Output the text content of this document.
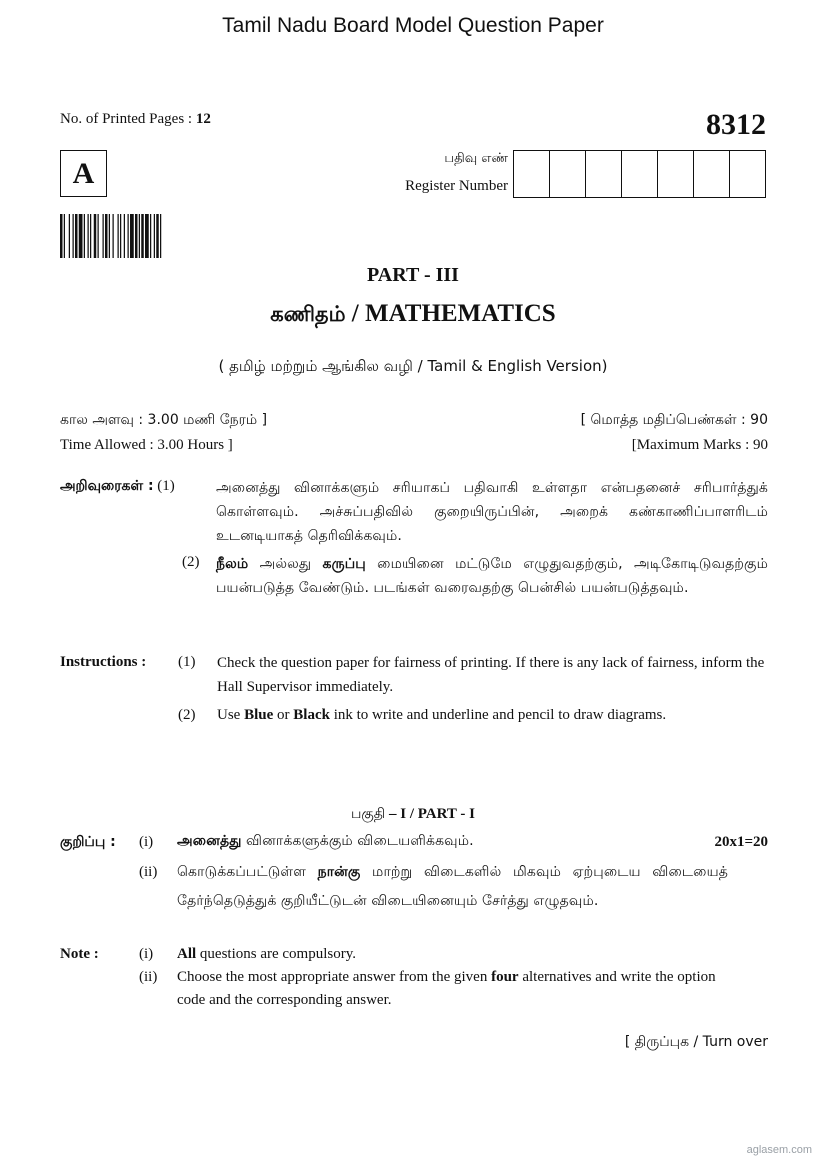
Tamil Nadu Board Model Question Paper
No. of Printed Pages : 12	8312
A	பதிவு எண்
Register Number
PART - III
கணிதம் / MATHEMATICS
( தமிழ் மற்றும் ஆங்கில வழி / Tamil & English Version)
கால அளவு : 3.00 மணி நேரம் ]	[ மொத்த மதிப்பெண்கள் : 90
Time Allowed : 3.00 Hours ]	[Maximum Marks : 90
அறிவுரைகள் : (1)	அனைத்து வினாக்களும் சரியாகப் பதிவாகி உள்ளதா என்பதனைச் சரிபார்த்துக் கொள்ளவும். அச்சுப்பதிவில் குறையிருப்பின், அறைக் கண்காணிப்பாளரிடம் உடனடியாகத் தெரிவிக்கவும்.
(2) நீலம் அல்லது கருப்பு மையினை மட்டுமே எழுதுவதற்கும், அடிகோடிடுவதற்கும் பயன்படுத்த வேண்டும். படங்கள் வரைவதற்கு பென்சில் பயன்படுத்தவும்.
Instructions : (1) Check the question paper for fairness of printing. If there is any lack of fairness, inform the Hall Supervisor immediately.
(2) Use Blue or Black ink to write and underline and pencil to draw diagrams.
பகுதி – I / PART - I
குறிப்பு : (i) அனைத்து வினாக்களுக்கும் விடையளிக்கவும்.	20x1=20
(ii) கொடுக்கப்பட்டுள்ள நான்கு மாற்று விடைகளில் மிகவும் ஏற்புடைய விடையைத் தேர்ந்தெடுத்துக் குறியீட்டுடன் விடையினையும் சேர்த்து எழுதவும்.
Note :	(i) All questions are compulsory.
(ii) Choose the most appropriate answer from the given four alternatives and write the option code and the corresponding answer.
[ திருப்புக / Turn over
aglasem.com
